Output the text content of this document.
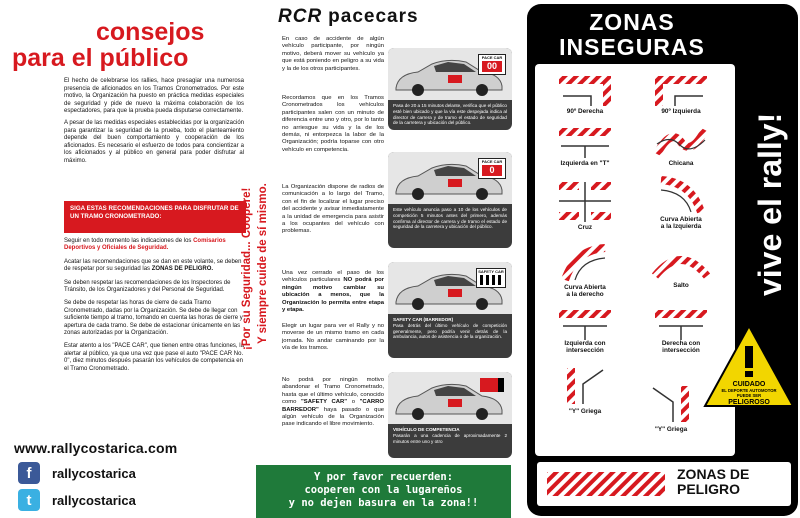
consejos
para el público

El hecho de celebrarse los rallies, hace presagiar una numerosa presencia de aficionados en los Tramos Cronometrados. Por este motivo, la Organización ha puesto en práctica medidas especiales de seguridad y pide de nuevo la máxima colaboración de los espectadores, para que la prueba pueda disputarse correctamente.

A pesar de las medidas especiales establecidas por la organización para garantizar la seguridad de la prueba, todo el planteamiento depende del buen comportamiento y cooperación de los aficionados. Es necesario el esfuerzo de todos para concientizar a los aficionados y al público en general para poder disfrutar al máximo.

SIGA ESTAS RECOMENDACIONES PARA DISFRUTAR DE UN TRAMO CRONOMETRADO:

Seguir en todo momento las indicaciones de los Comisarios Deportivos y Oficiales de Seguridad.

Acatar las recomendaciones que se dan en este volante, se deben de respetar por su seguridad las ZONAS DE PELIGRO.

Se deben respetar las recomendaciones de los Inspectores de Tránsito, de los Organizadores y del Personal de Seguridad.

Se debe de respetar las horas de cierre de cada Tramo Cronometrado, dadas por la Organización. Se debe de llegar con suficiente tiempo al tramo, tomando en cuenta las horas de cierre y apertura de cada tramo. Se debe de estacionar únicamente en las zonas autorizadas por la Organización.

Estar atento a los "PACE CAR", que tienen entre otras funciones, la alertar al público, ya que una vez que pase el auto "PACE CAR No. 0", diez minutos después pasarán los vehículos de competencia en el Tramo Cronometrado.

www.rallycostarica.com
f	rallycostarica
t	rallycostarica
¡Por su Seguridad... Coopere! Y siempre cuide de sí mismo.
RCR pacecars
En caso de accidente de algún vehículo participante, por ningún motivo, deberá mover su vehículo ya que está poniendo en peligro a su vida y la de los otros participantes.
Recordamos que en los Tramos Cronometrados los vehículos participantes salen con un minuto de diferencia entre uno y otro, por lo tanto no arriesgue su vida y la de los demás, ni entorpezca la labor de la Organización; podría toparse con otro vehículo en competencia.
La Organización dispone de radios de comunicación a lo largo del Tramo, con el fin de localizar el lugar preciso del accidente y avisar inmediatamente a la unidad de emergencia para asistir a los ocupantes del vehículo con problemas.
Una vez cerrado el paso de los vehículos particulares NO podrá por ningún motivo cambiar su ubicación a menos, que la Organización lo permita entre etapa y etapa.
Elegir un lugar para ver el Rally y no moverse de un mismo tramo en cada jornada. No andar caminando por la vía de los tramos.
No podrá por ningún motivo abandonar el Tramo Cronometrado, hasta que el último vehículo, conocido como "SAFETY CAR" o "CARRO BARREDOR" haya pasado o que algún vehículo de la Organización pase indicando el libre movimiento.
PACE CAR
00
Pasa de 20 a 15 minutos delante, verifica que el público esté bien ubicado y que la vía este despejada indica al director de carrera y de tramo el estado de seguridad de la carretera y ubicación del público.
PACE CAR
0
Este vehículo anuncia paso a 10 de los vehículos de competición 5 minutos antes del primero, además confirma al director de carrera y de tramo el estado de seguridad de la carretera y ubicación del público.
SAFETY CAR
SAFETY CAR (BARREDOR)
Pasa detrás del último vehículo de competición generalmente, pero podría venir detrás de la ambulancia, autos de asistencia o de la organización.
VEHÍCULO DE COMPETENCIA
Pasarán a una cadencia de aproximadamente 2 minutos entre uno y otro
Y por favor recuerden:
cooperen con la lugareños
y no dejen basura en la zona!!
ZONAS
INSEGURAS
90º Derecha	90º Izquierda
Izquierda en "T"	Chicana
Cruz
Curva Abierta
a la Izquierda
Curva Abierta
a la derecho
Salto
Izquierda con
intersección
Derecha con
intersección
"Y" Griega
"Y" Griega
vive el rally!
CUIDADO
EL DEPORTE AUTOMOTOR
PUEDE SER
PELIGROSO
ZONAS DE
PELIGRO
